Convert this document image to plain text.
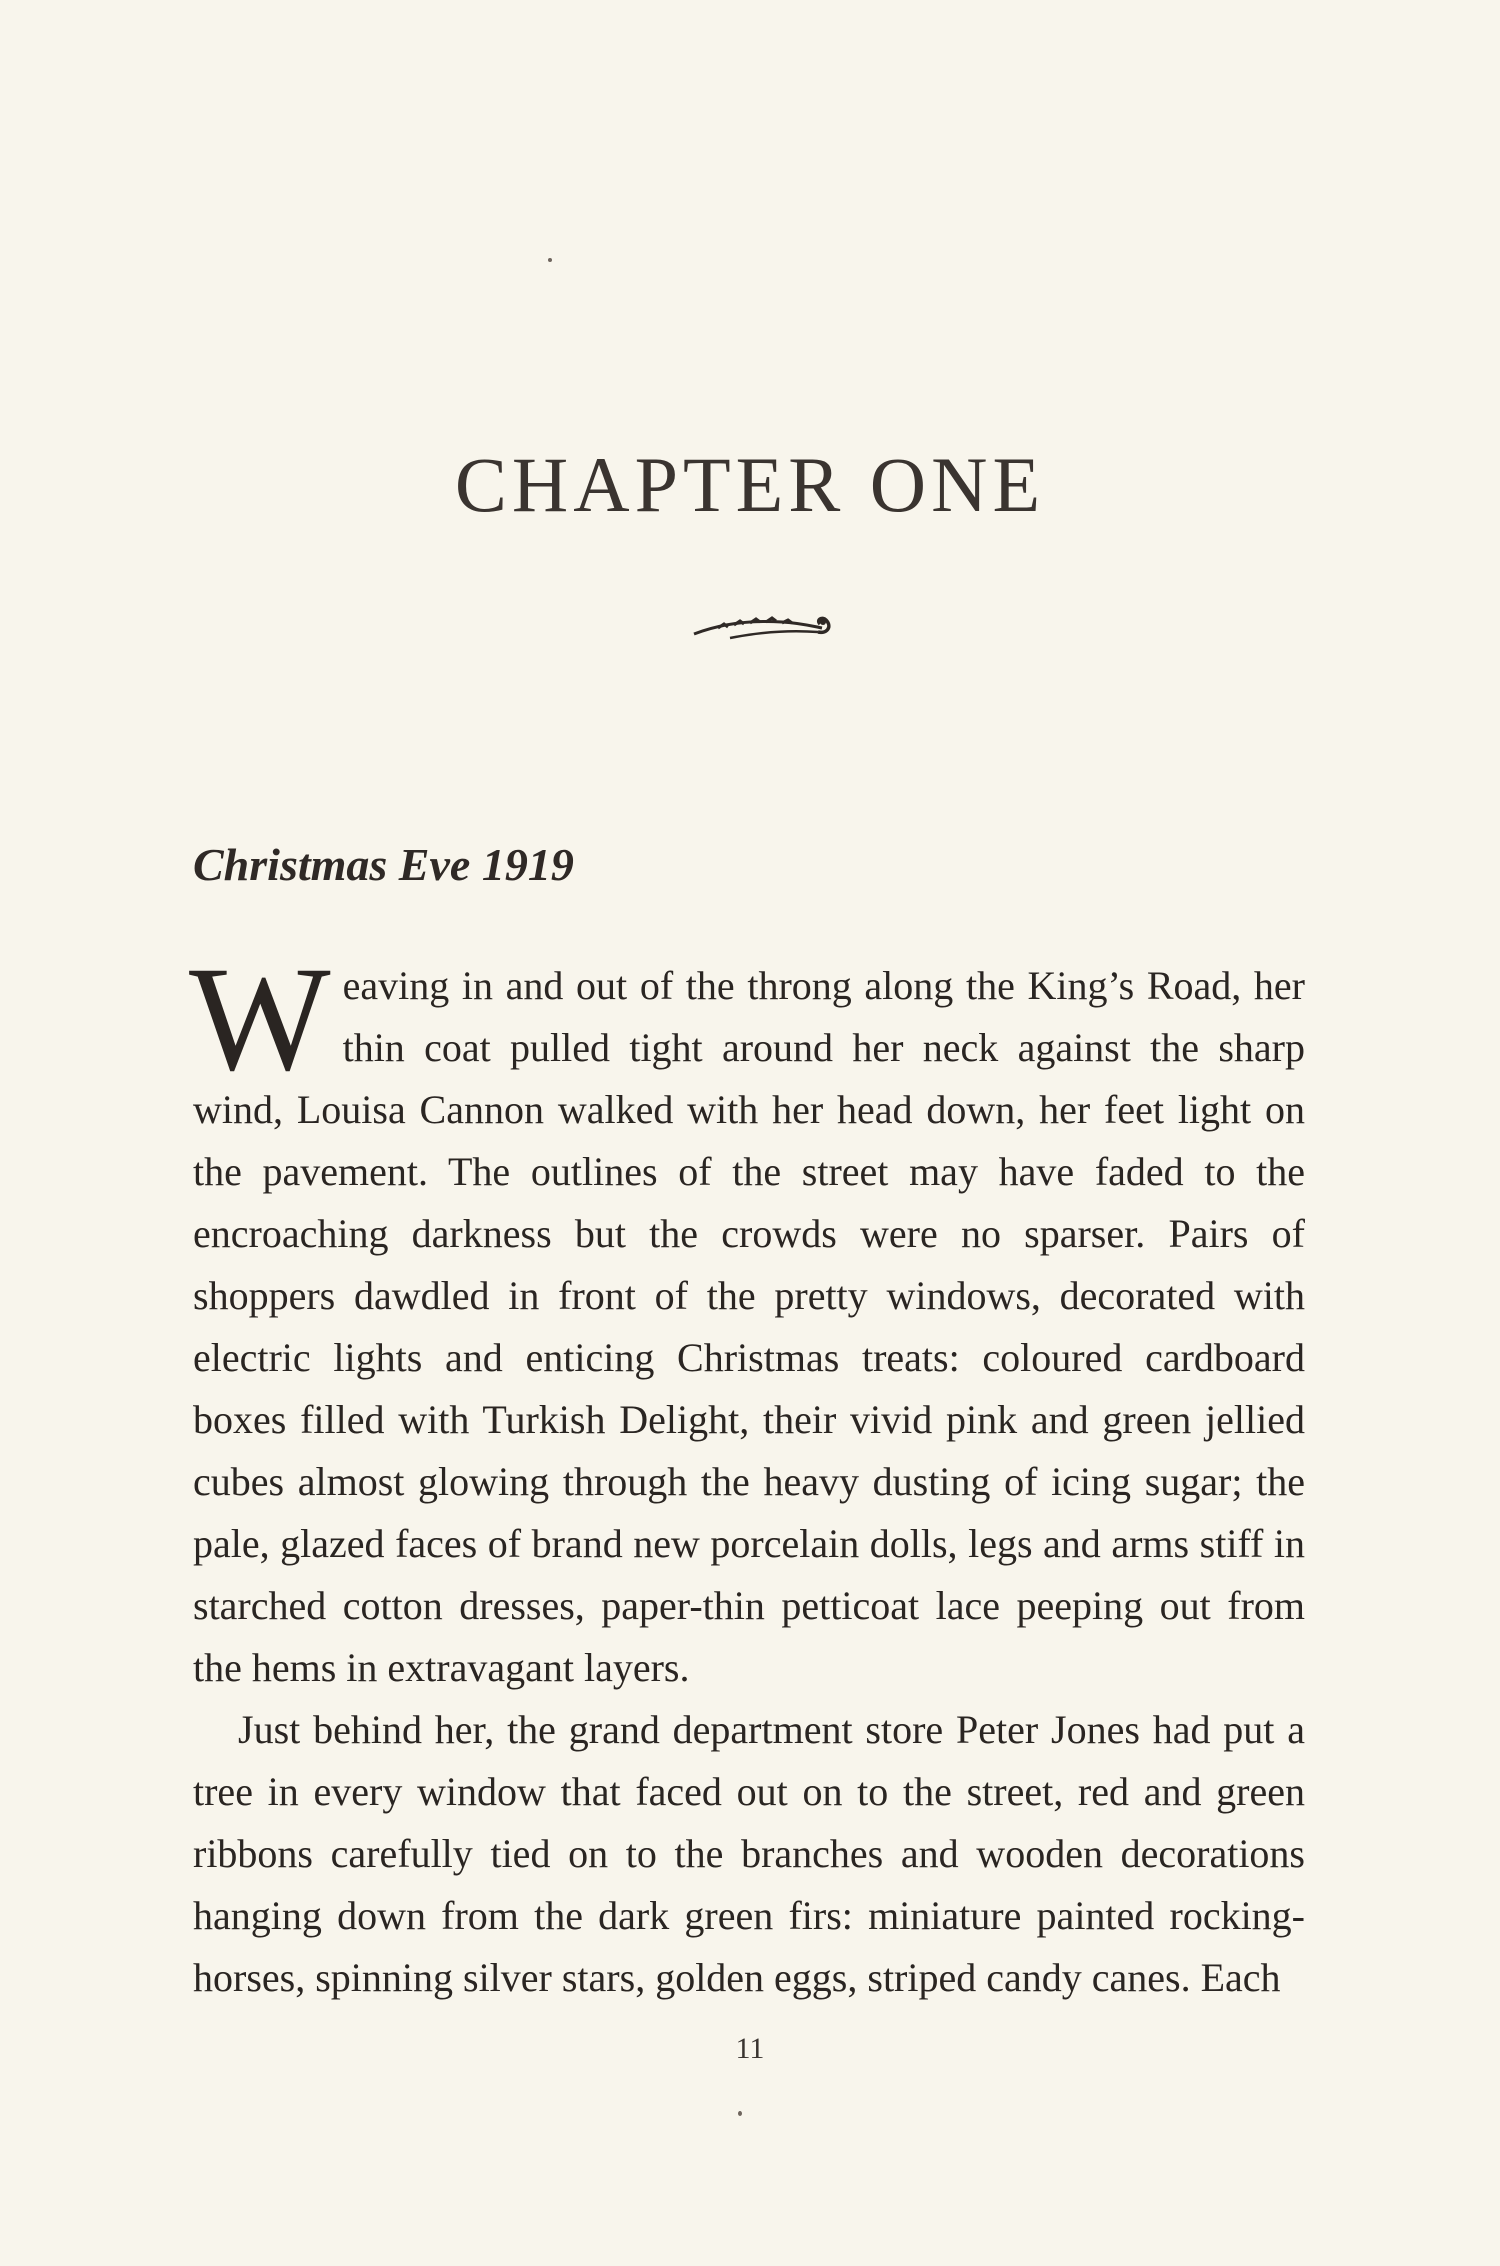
CHAPTER ONE
Christmas Eve 1919

Weaving in and out of the throng along the King’s Road, her thin coat pulled tight around her neck against the sharp wind, Louisa Cannon walked with her head down, her feet light on the pavement. The outlines of the street may have faded to the encroaching darkness but the crowds were no sparser. Pairs of shoppers dawdled in front of the pretty windows, decorated with electric lights and enticing Christmas treats: coloured cardboard boxes filled with Turkish Delight, their vivid pink and green jellied cubes almost glowing through the heavy dusting of icing sugar; the pale, glazed faces of brand new porcelain dolls, legs and arms stiff in starched cotton dresses, paper-thin petticoat lace peeping out from the hems in extravagant layers.

Just behind her, the grand department store Peter Jones had put a tree in every window that faced out on to the street, red and green ribbons carefully tied on to the branches and wooden decorations hanging down from the dark green firs: miniature painted rocking-horses, spinning silver stars, golden eggs, striped candy canes. Each

11
